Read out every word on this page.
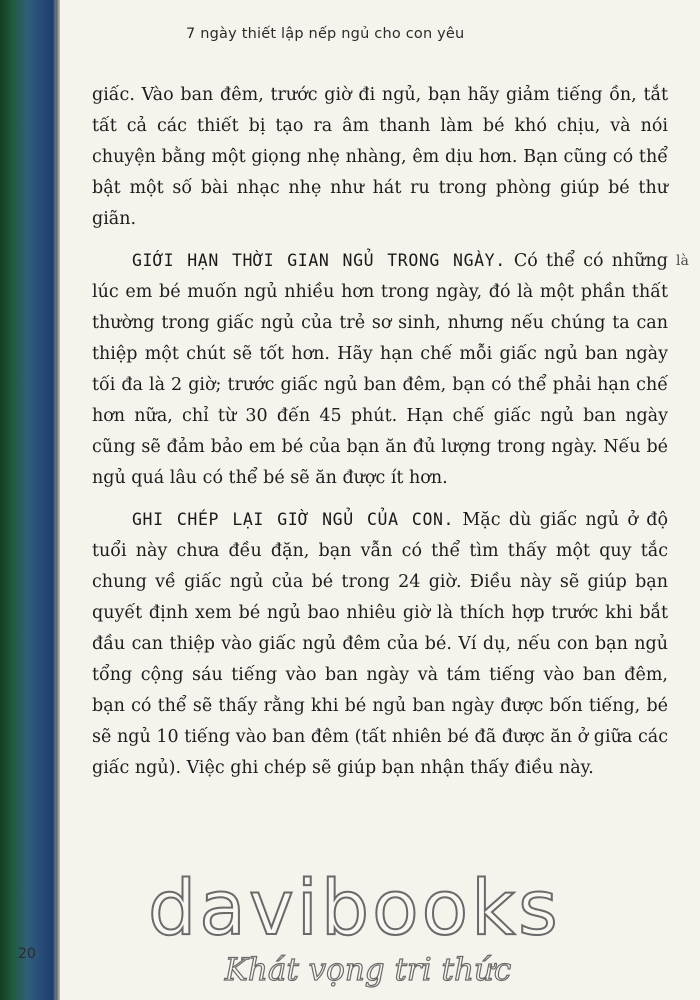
7 ngày thiết lập nếp ngủ cho con yêu

giấc. Vào ban đêm, trước giờ đi ngủ, bạn hãy giảm tiếng ồn, tắt tất cả các thiết bị tạo ra âm thanh làm bé khó chịu, và nói chuyện bằng một giọng nhẹ nhàng, êm dịu hơn. Bạn cũng có thể bật một số bài nhạc nhẹ như hát ru trong phòng giúp bé thư giãn.

GIỚI HẠN THỜI GIAN NGỦ TRONG NGÀY. Có thể có những lúc em bé muốn ngủ nhiều hơn trong ngày, đó là một phần thất thường trong giấc ngủ của trẻ sơ sinh, nhưng nếu chúng ta can thiệp một chút sẽ tốt hơn. Hãy hạn chế mỗi giấc ngủ ban ngày tối đa là 2 giờ; trước giấc ngủ ban đêm, bạn có thể phải hạn chế hơn nữa, chỉ từ 30 đến 45 phút. Hạn chế giấc ngủ ban ngày cũng sẽ đảm bảo em bé của bạn ăn đủ lượng trong ngày. Nếu bé ngủ quá lâu có thể bé sẽ ăn được ít hơn.

GHI CHÉP LẠI GIỜ NGỦ CỦA CON. Mặc dù giấc ngủ ở độ tuổi này chưa đều đặn, bạn vẫn có thể tìm thấy một quy tắc chung về giấc ngủ của bé trong 24 giờ. Điều này sẽ giúp bạn quyết định xem bé ngủ bao nhiêu giờ là thích hợp trước khi bắt đầu can thiệp vào giấc ngủ đêm của bé. Ví dụ, nếu con bạn ngủ tổng cộng sáu tiếng vào ban ngày và tám tiếng vào ban đêm, bạn có thể sẽ thấy rằng khi bé ngủ ban ngày được bốn tiếng, bé sẽ ngủ 10 tiếng vào ban đêm (tất nhiên bé đã được ăn ở giữa các giấc ngủ). Việc ghi chép sẽ giúp bạn nhận thấy điều này.

là
20
davibooks
Khát vọng tri thức
